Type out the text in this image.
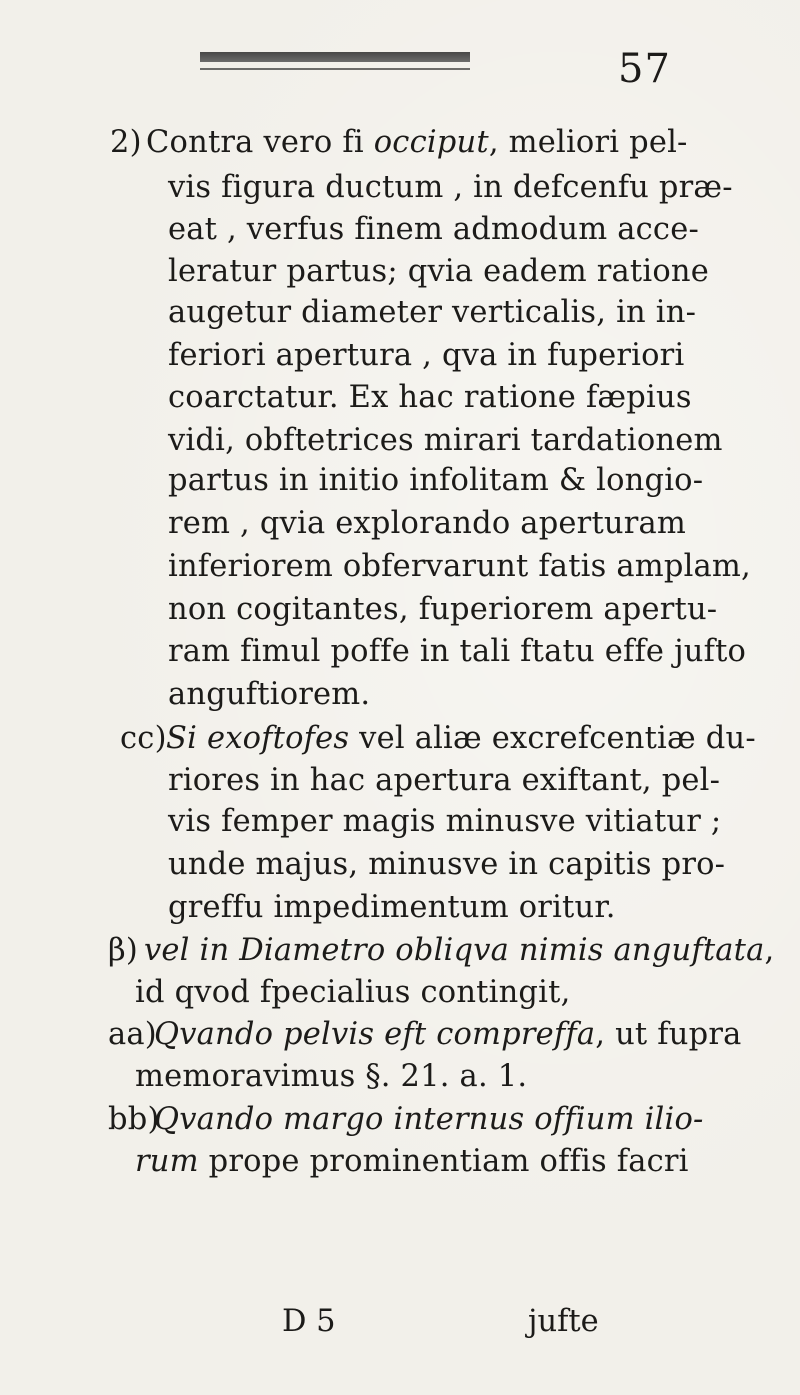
57
2) Contra vero fi occiput, meliori pel-
vis figura ductum , in defcenfu præ-
eat , verfus finem admodum acce-
leratur partus; qvia eadem ratione
augetur diameter verticalis, in in-
feriori apertura , qva in fuperiori
coarctatur. Ex hac ratione fæpius
vidi, obftetrices mirari tardationem
partus in initio infolitam & longio-
rem , qvia explorando aperturam
inferiorem obfervarunt fatis amplam,
non cogitantes, fuperiorem apertu-
ram fimul poffe in tali ftatu effe jufto
anguftiorem.
cc) Si exoftofes vel aliæ excrefcentiæ du-
riores in hac apertura exiftant, pel-
vis femper magis minusve vitiatur ;
unde majus, minusve in capitis pro-
greffu impedimentum oritur.
β) vel in Diametro obliqva nimis anguftata,
id qvod fpecialius contingit,
aa)
Qvando pelvis eft compreffa, ut fupra
memoravimus §. 21. a. 1.
bb)
Qvando margo internus offium ilio-
rum prope prominentiam offis facri
D 5	jufte
